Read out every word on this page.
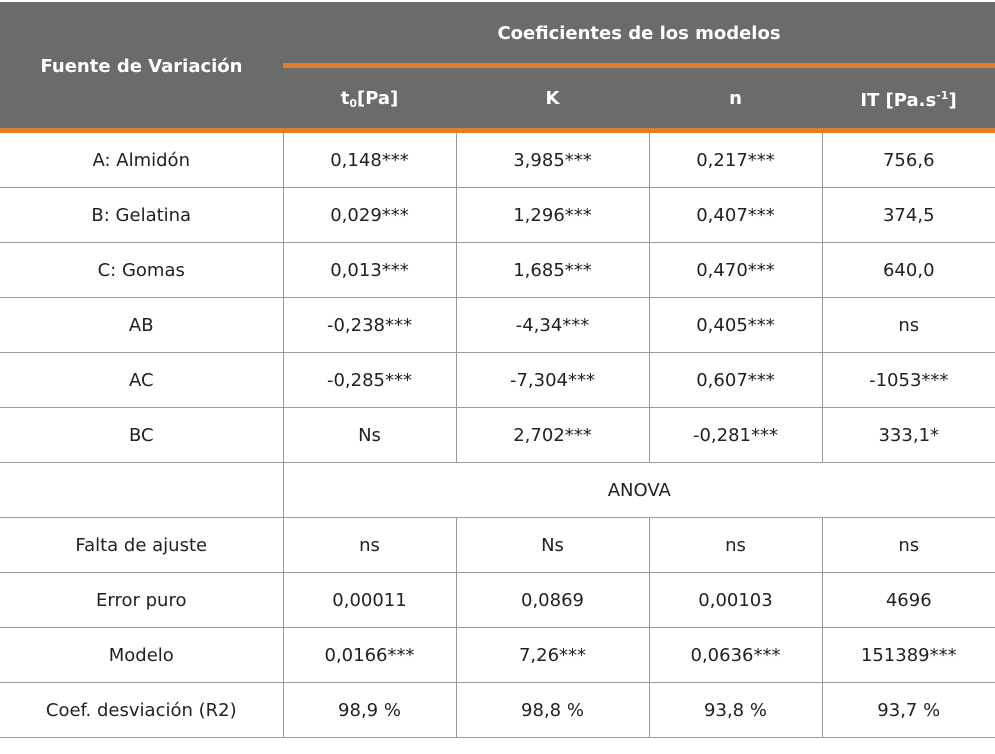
Fuente de Variación
Coeficientes de los modelos
$t_0[Pa]$	K	n	IT $[Pa.s^{-1}]$
A: Almidón	0,148***	3,985***	0,217***	756,6
B: Gelatina	0,029***	1,296***	0,407***	374,5
C: Gomas	0,013***	1,685***	0,470***	640,0
AB	-0,238***	-4,34***	0,405***	ns
AC	-0,285***	-7,304***	0,607***	-1053***
BC	Ns	2,702***	-0,281***	333,1*
	ANOVA			
Falta de ajuste	ns	Ns	ns	ns
Error puro	0,00011	0,0869	0,00103	4696
Modelo	0,0166***	7,26***	0,0636***	151389***
Coef. desviación (R2)	98,9 %	98,8 %	93,8 %	93,7 %
